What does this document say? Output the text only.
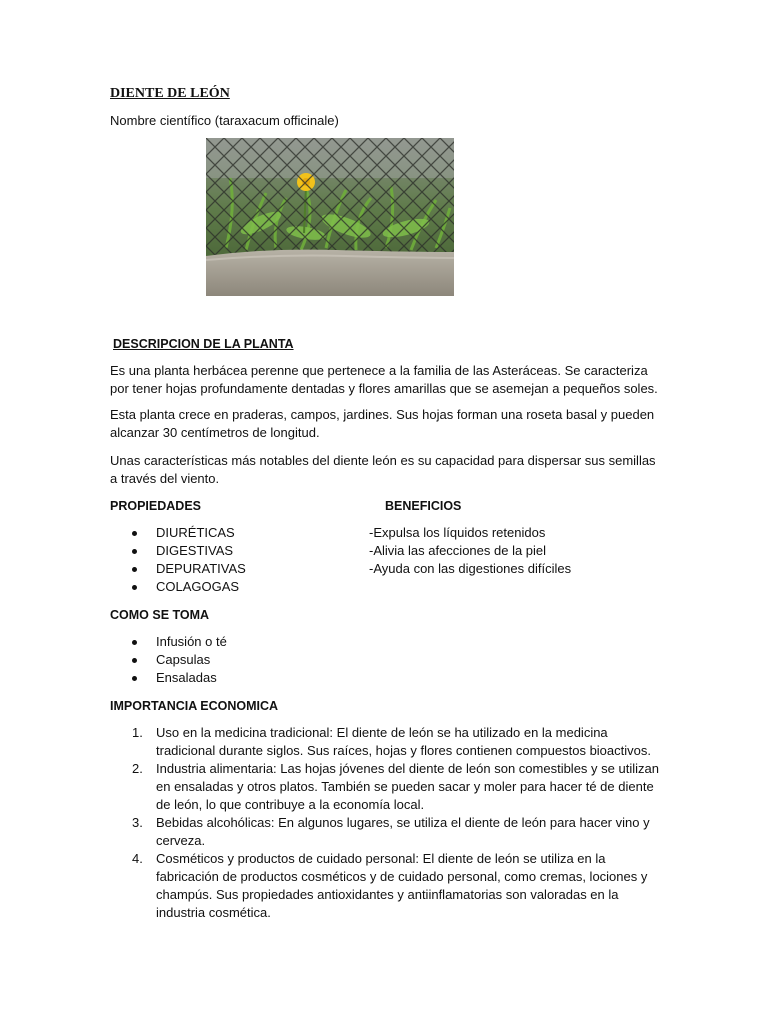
DIENTE DE LEÓN
Nombre científico (taraxacum officinale)
DESCRIPCION DE LA PLANTA

Es una planta herbácea perenne que pertenece a la familia de las Asteráceas. Se caracteriza por tener hojas profundamente dentadas y flores amarillas que se asemejan a pequeños soles.

Esta planta crece en praderas, campos, jardines. Sus hojas forman una roseta basal y pueden alcanzar 30 centímetros de longitud.

Unas características más notables del diente león es su capacidad para dispersar sus semillas a través del viento.

PROPIEDADES	BENEFICIOS
DIURÉTICAS
DIGESTIVAS
DEPURATIVAS
COLAGOGAS
-Expulsa los líquidos retenidos
-Alivia las afecciones de la piel
-Ayuda con las digestiones difíciles
COMO SE TOMA
Infusión o té
Capsulas
Ensaladas
IMPORTANCIA ECONOMICA
1. Uso en la medicina tradicional: El diente de león se ha utilizado en la medicina tradicional durante siglos. Sus raíces, hojas y flores contienen compuestos bioactivos.
2. Industria alimentaria: Las hojas jóvenes del diente de león son comestibles y se utilizan en ensaladas y otros platos. También se pueden sacar y moler para hacer té de diente de león, lo que contribuye a la economía local.
3. Bebidas alcohólicas: En algunos lugares, se utiliza el diente de león para hacer vino y cerveza.
4. Cosméticos y productos de cuidado personal: El diente de león se utiliza en la fabricación de productos cosméticos y de cuidado personal, como cremas, lociones y champús. Sus propiedades antioxidantes y antiinflamatorias son valoradas en la industria cosmética.
